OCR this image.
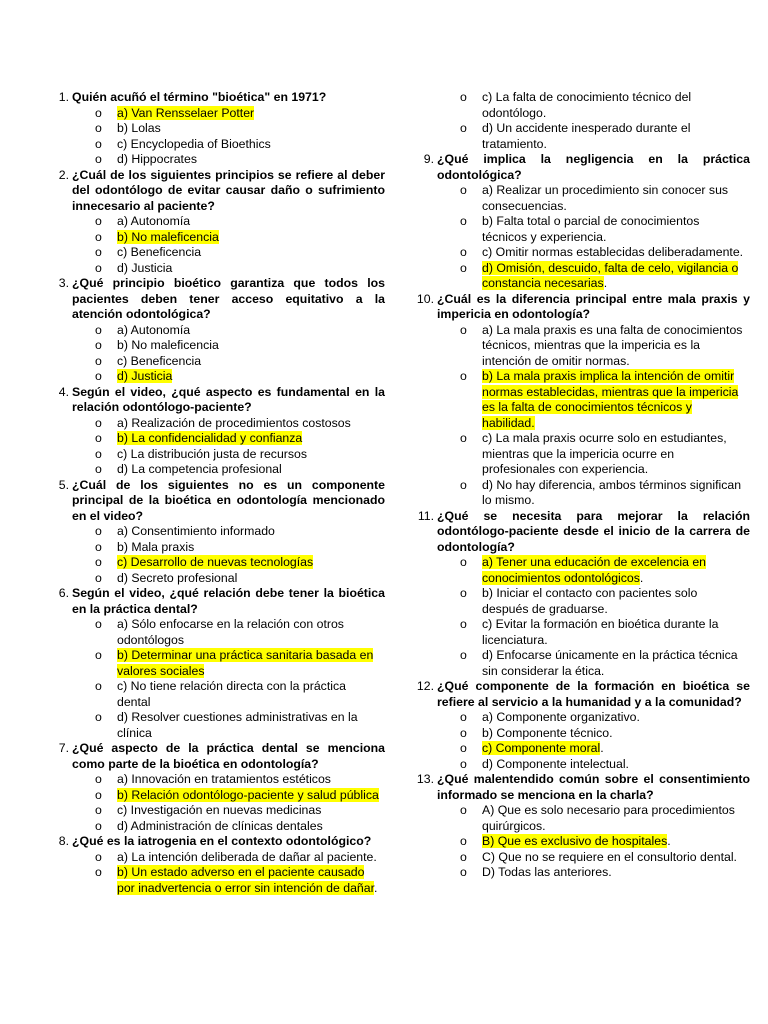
1. Quién acuñó el término "bioética" en 1971?

o a) Van Rensselaer Potter
o b) Lolas
o c) Encyclopedia of Bioethics
o d) Hippocrates
2. ¿Cuál de los siguientes principios se refiere al deber del odontólogo de evitar causar daño o sufrimiento innecesario al paciente?

o a) Autonomía
o b) No maleficencia
o c) Beneficencia
o d) Justicia
3. ¿Qué principio bioético garantiza que todos los pacientes deben tener acceso equitativo a la atención odontológica?

o a) Autonomía
o b) No maleficencia
o c) Beneficencia
o d) Justicia
4. Según el video, ¿qué aspecto es fundamental en la relación odontólogo-paciente?

o a) Realización de procedimientos costosos
o b) La confidencialidad y confianza
o c) La distribución justa de recursos
o d) La competencia profesional
5. ¿Cuál de los siguientes no es un componente principal de la bioética en odontología mencionado en el video?

o a) Consentimiento informado
o b) Mala praxis
o c) Desarrollo de nuevas tecnologías
o d) Secreto profesional
6. Según el video, ¿qué relación debe tener la bioética en la práctica dental?

o a) Sólo enfocarse en la relación con otros odontólogos
o b) Determinar una práctica sanitaria basada en valores sociales
o c) No tiene relación directa con la práctica dental
o d) Resolver cuestiones administrativas en la clínica
7. ¿Qué aspecto de la práctica dental se menciona como parte de la bioética en odontología?

o a) Innovación en tratamientos estéticos
o b) Relación odontólogo-paciente y salud pública
o c) Investigación en nuevas medicinas
o d) Administración de clínicas dentales
8. ¿Qué es la iatrogenia en el contexto odontológico?

o a) La intención deliberada de dañar al paciente.
o b) Un estado adverso en el paciente causado por inadvertencia o error sin intención de dañar.
o c) La falta de conocimiento técnico del odontólogo.
o d) Un accidente inesperado durante el tratamiento.
9. ¿Qué implica la negligencia en la práctica odontológica?

o a) Realizar un procedimiento sin conocer sus consecuencias.
o b) Falta total o parcial de conocimientos técnicos y experiencia.
o c) Omitir normas establecidas deliberadamente.
o d) Omisión, descuido, falta de celo, vigilancia o constancia necesarias.
10. ¿Cuál es la diferencia principal entre mala praxis y impericia en odontología?

o a) La mala praxis es una falta de conocimientos técnicos, mientras que la impericia es la intención de omitir normas.
o b) La mala praxis implica la intención de omitir normas establecidas, mientras que la impericia es la falta de conocimientos técnicos y habilidad.
o c) La mala praxis ocurre solo en estudiantes, mientras que la impericia ocurre en profesionales con experiencia.
o d) No hay diferencia, ambos términos significan lo mismo.
11. ¿Qué se necesita para mejorar la relación odontólogo-paciente desde el inicio de la carrera de odontología?

o a) Tener una educación de excelencia en conocimientos odontológicos.
o b) Iniciar el contacto con pacientes solo después de graduarse.
o c) Evitar la formación en bioética durante la licenciatura.
o d) Enfocarse únicamente en la práctica técnica sin considerar la ética.
12. ¿Qué componente de la formación en bioética se refiere al servicio a la humanidad y a la comunidad?

o a) Componente organizativo.
o b) Componente técnico.
o c) Componente moral.
o d) Componente intelectual.
13. ¿Qué malentendido común sobre el consentimiento informado se menciona en la charla?

o A) Que es solo necesario para procedimientos quirúrgicos.
o B) Que es exclusivo de hospitales.
o C) Que no se requiere en el consultorio dental.
o D) Todas las anteriores.
